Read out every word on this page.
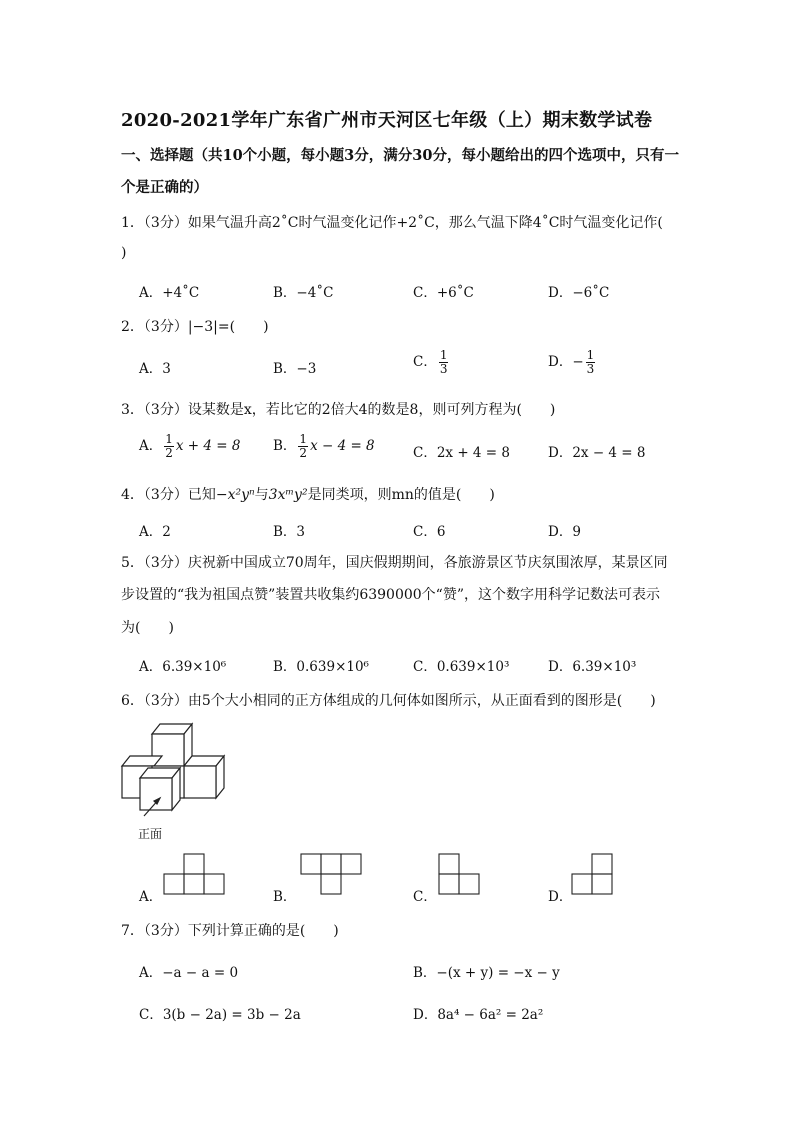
2020-2021学年广东省广州市天河区七年级（上）期末数学试卷
一、选择题（共10个小题，每小题3分，满分30分，每小题给出的四个选项中，只有一
个是正确的）
1．（3分）如果气温升高2˚C时气温变化记作+2˚C，那么气温下降4˚C时气温变化记作(
)
A．+4˚C	B．−4˚C	C．+6˚C	D．−6˚C
2．（3分）|−3|=(　　)
A．3	B．−3	C． $\frac{1}{3}$	D．− $\frac{1}{3}$
3．（3分）设某数是x，若比它的2倍大4的数是8，则可列方程为(　　)
A． $\frac{1}{2}$ x + 4 = 8 B． $\frac{1}{2}$ x − 4 = 8	C．2x + 4 = 8	D．2x − 4 = 8
4．（3分）已知−x²yⁿ与3xᵐy²是同类项，则mn的值是(　　)
A．2	B．3	C．6	D．9
5．（3分）庆祝新中国成立70周年，国庆假期期间，各旅游景区节庆氛围浓厚，某景区同
步设置的“我为祖国点赞”装置共收集约6390000个“赞”，这个数字用科学记数法可表示
为(　　)
A．6.39×10⁶	B．0.639×10⁶	C．0.639×10³	D．6.39×10³
6．（3分）由5个大小相同的正方体组成的几何体如图所示，从正面看到的图形是(　　)
正面
A．	B．	C．	D．
7．（3分）下列计算正确的是(　　)
A．−a − a = 0	B．−(x + y) = −x − y
C．3(b − 2a) = 3b − 2a	D．8a⁴ − 6a² = 2a²
